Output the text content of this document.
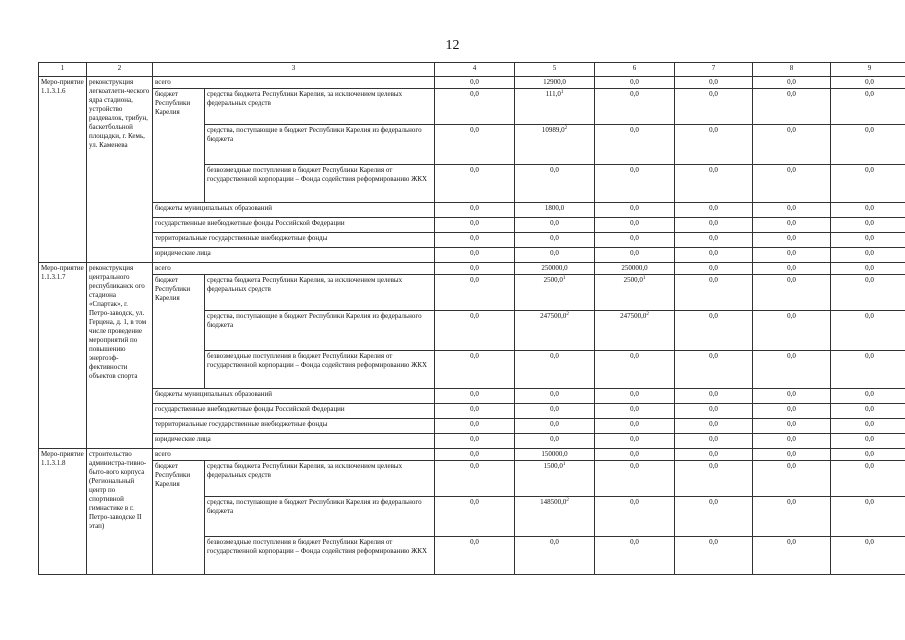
12
1	2	3		4	5	6	7	8	9
Меро-приятие 1.1.3.1.6	реконструкция легкоатлети-ческого ядра стадиона, устройство раздевалок, трибун, баскетбольной площадки, г. Кемь, ул. Каменева	всего		0,0	12900,0	0,0	0,0	0,0	0,0
		бюджет Республики Карелия	средства бюджета Республики Карелия, за исключением целевых федеральных средств	0,0	111,0$^1$	0,0	0,0	0,0	0,0
			средства, поступающие в бюджет Республики Карелия из федерального бюджета	0,0	10989,0$^2$	0,0	0,0	0,0	0,0
			безвозмездные поступления в бюджет Республики Карелия от государственной корпорации – Фонда содействия реформированию ЖКХ	0,0	0,0	0,0	0,0	0,0	0,0
		бюджеты муниципальных образований		0,0	1800,0	0,0	0,0	0,0	0,0
		государственные внебюджетные фонды Российской Федерации		0,0	0,0	0,0	0,0	0,0	0,0
		территориальные государственные внебюджетные фонды		0,0	0,0	0,0	0,0	0,0	0,0
		юридические лица		0,0	0,0	0,0	0,0	0,0	0,0
Меро-приятие 1.1.3.1.7	реконструкция центрального республиканск ого стадиона «Спартак», г. Петро-заводск, ул. Герцена, д. 1, в том числе проведение мероприятий по повышению энергоэф-фективности объектов спорта	всего		0,0	250000,0	250000,0	0,0	0,0	0,0
		бюджет Республики Карелия	средства бюджета Республики Карелия, за исключением целевых федеральных средств	0,0	2500,0$^1$	2500,0$^1$	0,0	0,0	0,0
			средства, поступающие в бюджет Республики Карелия из федерального бюджета	0,0	247500,0$^2$	247500,0$^2$	0,0	0,0	0,0
			безвозмездные поступления в бюджет Республики Карелия от государственной корпорации – Фонда содействия реформированию ЖКХ	0,0	0,0	0,0	0,0	0,0	0,0
		бюджеты муниципальных образований		0,0	0,0	0,0	0,0	0,0	0,0
		государственные внебюджетные фонды Российской Федерации		0,0	0,0	0,0	0,0	0,0	0,0
		территориальные государственные внебюджетные фонды		0,0	0,0	0,0	0,0	0,0	0,0
		юридические лица		0,0	0,0	0,0	0,0	0,0	0,0
Меро-приятие 1.1.3.1.8	строительство администра-тивно-быто-вого корпуса (Региональный центр по спортивной гимнастике в г. Петро-заводске II этап)	всего		0,0	150000,0	0,0	0,0	0,0	0,0
		бюджет Республики Карелия	средства бюджета Республики Карелия, за исключением целевых федеральных средств	0,0	1500,0$^1$	0,0	0,0	0,0	0,0
			средства, поступающие в бюджет Республики Карелия из федерального бюджета	0,0	148500,0$^2$	0,0	0,0	0,0	0,0
			безвозмездные поступления в бюджет Республики Карелия от государственной корпорации – Фонда содействия реформированию ЖКХ	0,0	0,0	0,0	0,0	0,0	0,0
